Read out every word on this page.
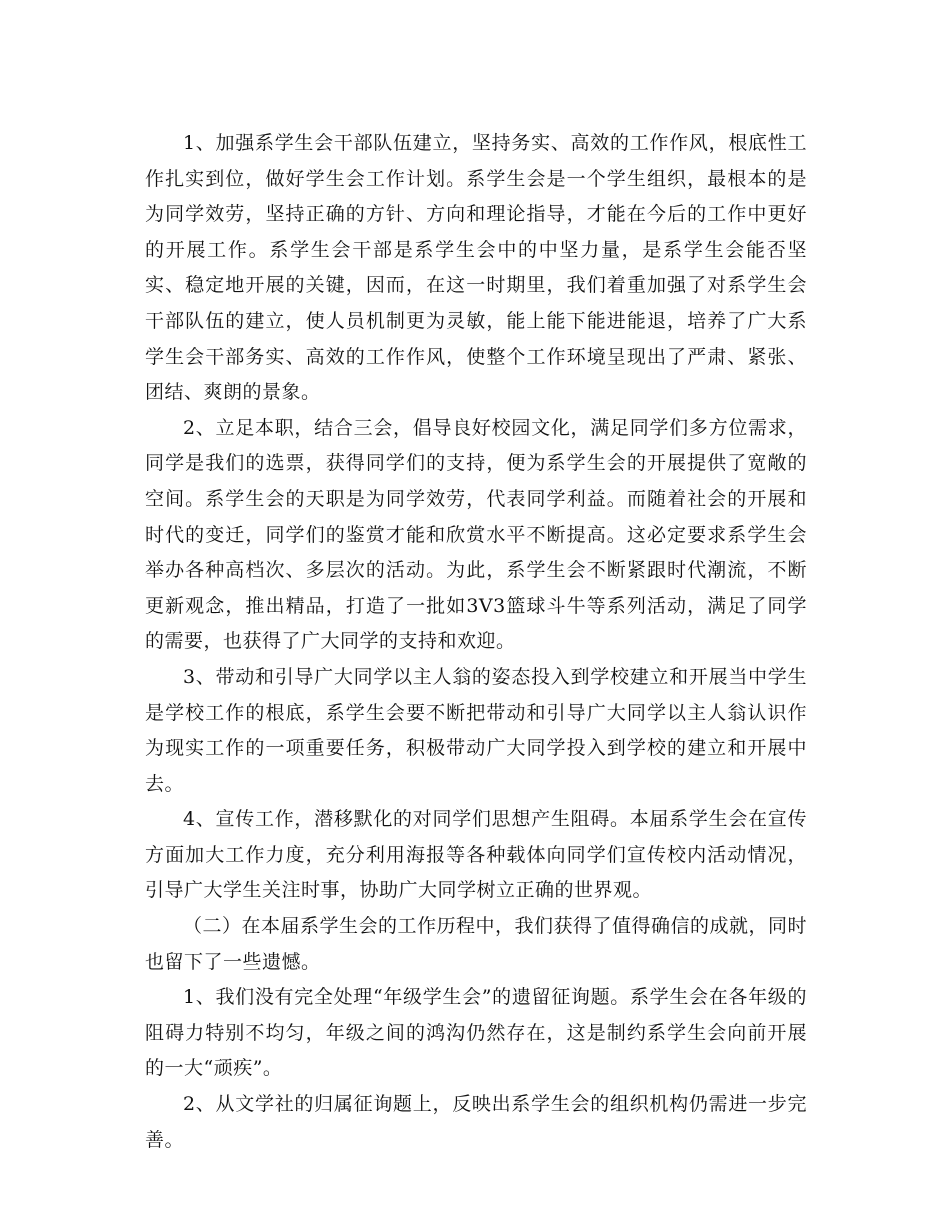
1、加强系学生会干部队伍建立，坚持务实、高效的工作作风，根底性工作扎实到位，做好学生会工作计划。系学生会是一个学生组织，最根本的是为同学效劳，坚持正确的方针、方向和理论指导，才能在今后的工作中更好的开展工作。系学生会干部是系学生会中的中坚力量，是系学生会能否坚实、稳定地开展的关键，因而，在这一时期里，我们着重加强了对系学生会干部队伍的建立，使人员机制更为灵敏，能上能下能进能退，培养了广大系学生会干部务实、高效的工作作风，使整个工作环境呈现出了严肃、紧张、团结、爽朗的景象。

2、立足本职，结合三会，倡导良好校园文化，满足同学们多方位需求，同学是我们的选票，获得同学们的支持，便为系学生会的开展提供了宽敞的空间。系学生会的天职是为同学效劳，代表同学利益。而随着社会的开展和时代的变迁，同学们的鉴赏才能和欣赏水平不断提高。这必定要求系学生会举办各种高档次、多层次的活动。为此，系学生会不断紧跟时代潮流，不断更新观念，推出精品，打造了一批如3V3篮球斗牛等系列活动，满足了同学的需要，也获得了广大同学的支持和欢迎。

3、带动和引导广大同学以主人翁的姿态投入到学校建立和开展当中学生是学校工作的根底，系学生会要不断把带动和引导广大同学以主人翁认识作为现实工作的一项重要任务，积极带动广大同学投入到学校的建立和开展中去。

4、宣传工作，潜移默化的对同学们思想产生阻碍。本届系学生会在宣传方面加大工作力度，充分利用海报等各种载体向同学们宣传校内活动情况，引导广大学生关注时事，协助广大同学树立正确的世界观。

（二）在本届系学生会的工作历程中，我们获得了值得确信的成就，同时也留下了一些遗憾。

1、我们没有完全处理“年级学生会”的遗留征询题。系学生会在各年级的阻碍力特别不均匀，年级之间的鸿沟仍然存在，这是制约系学生会向前开展的一大“顽疾”。

2、从文学社的归属征询题上，反映出系学生会的组织机构仍需进一步完善。
